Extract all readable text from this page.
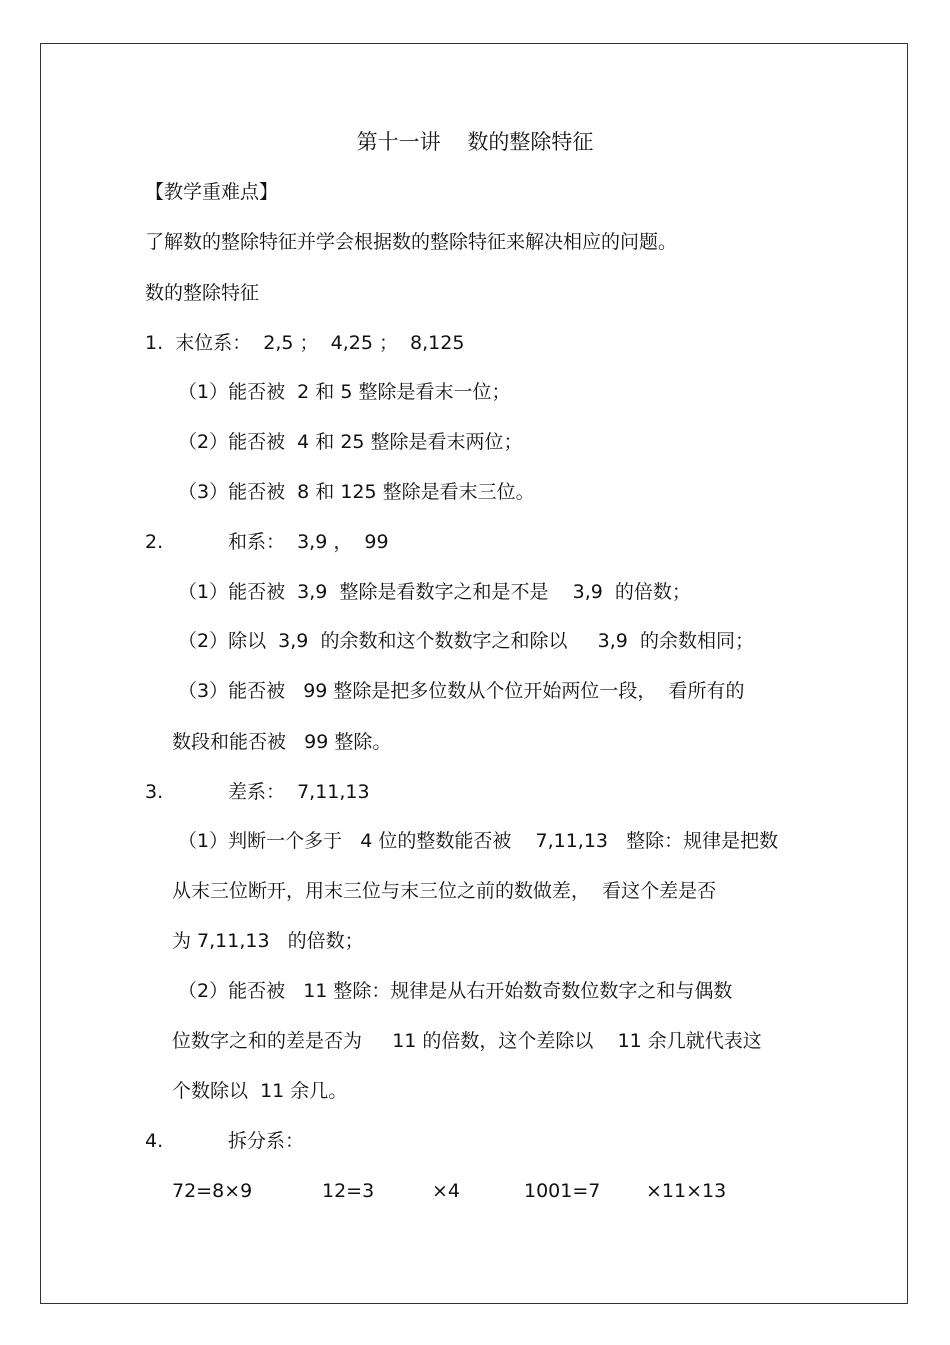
第十一讲    数的整除特征
【教学重难点】
了解数的整除特征并学会根据数的整除特征来解决相应的问题。
数的整除特征
1.  末位系：  2,5 ；  4,25 ；  8,125
（1）能否被  2 和 5 整除是看末一位；
（2）能否被  4 和 25 整除是看末两位；
（3）能否被  8 和 125 整除是看末三位。
2.	和系：  3,9 ，  99
（1）能否被  3,9  整除是看数字之和是不是    3,9  的倍数；
（2）除以  3,9  的余数和这个数数字之和除以     3,9  的余数相同；
（3）能否被   99 整除是把多位数从个位开始两位一段，  看所有的
数段和能否被   99 整除。
3.	差系：  7,11,13
（1）判断一个多于   4 位的整数能否被    7,11,13   整除：规律是把数
从末三位断开，用末三位与末三位之前的数做差，  看这个差是否
为 7,11,13   的倍数；
（2）能否被   11 整除：规律是从右开始数奇数位数字之和与偶数
位数字之和的差是否为     11 的倍数，这个差除以    11 余几就代表这
个数除以  11 余几。
4.	拆分系：
72=8×9	12=3	×4	1001=7 ×11×13
